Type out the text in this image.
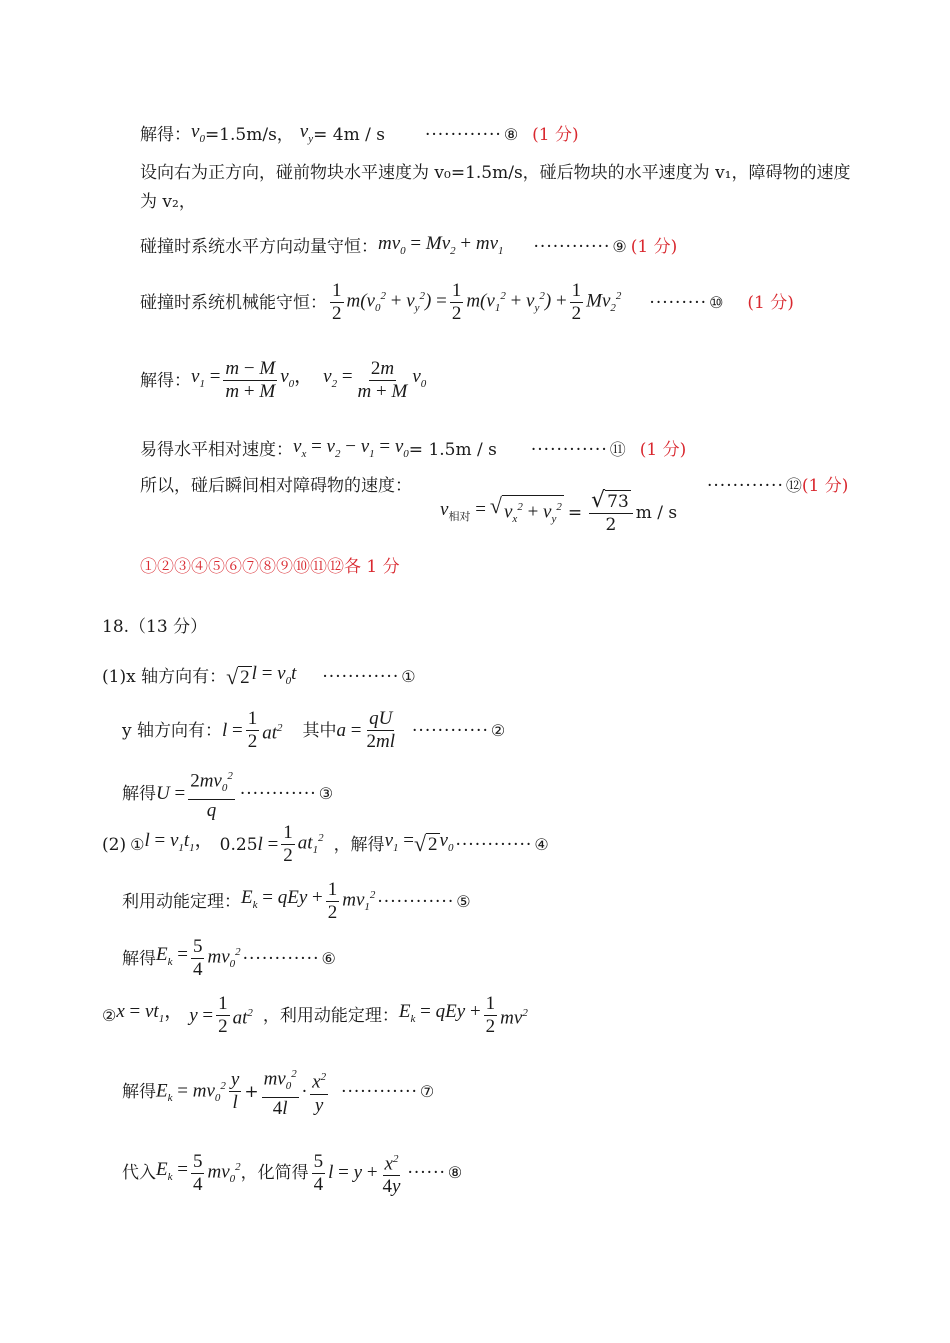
解得： $v_0 =1.5m/s$， $v_y = 4m / s$ ············ ⑧ (1 分)
设向右为正方向，碰前物块水平速度为 v₀=1.5m/s，碰后物块的水平速度为 v₁，障碍物的速度为 v₂，
碰撞时系统水平方向动量守恒： $mv_0 = Mv_2 + mv_1$ ············ ⑨ (1 分)
碰撞时系统机械能守恒： $\frac{1}{2} m(v_0^2 + v_y^2) = \frac{1}{2} m(v_1^2 + v_y^2) + \frac{1}{2} Mv_2^2$ ········· ⑩ (1 分)
解得： $v_1 = \frac{m - M}{m + M} v_0$， $v_2 = \frac{2m}{m + M} v_0$
易得水平相对速度： $v_x = v_2 - v_1 = v_0 = 1.5m / s$ ············ ⑪ (1 分)
所以，碰后瞬间相对障碍物的速度：	············ ⑫ (1 分)
$v_{相对}$ = √ $v_x^2 + v_y^2 = \frac{√ 73}{2}$ m / s
①②③④⑤⑥⑦⑧⑨⑩⑪⑫各 1 分
18.（13 分）
(1) x 轴方向有： √ 2 $l = v_0t$ ············ ①
y 轴方向有： $l = \frac{1}{2} at^2$ 其中 $a = \frac{qU}{2ml}$ ············ ②
解得 $U = \frac{2mv_0^2}{q}$ ············ ③
(2) ① $l = v_1t_1$， 0.25 $l = \frac{1}{2} at_1^2$ ，解得 $v_1$ = √ 2 $v_0$ ············ ④
利用动能定理： $E_k$ = qEy + $\frac{1}{2} mv_1^2$ ············ ⑤
解得 $E_k = \frac{5}{4} mv_0^2$ ············ ⑥
② $x = vt_1$， $y = \frac{1}{2} at^2$ ，利用动能定理： $E_k$ = qEy + $\frac{1}{2} mv^2$
解得 $E_k = mv_0^2 \frac{y}{l} + \frac{mv_0^2}{4l} \cdot \frac{x^2}{y}$ ············ ⑦
代入 $E_k = \frac{5}{4} mv_0^2$ ，化简得 $\frac{5}{4}$ $l = y + \frac{x^2}{4y}$ ······ ⑧
